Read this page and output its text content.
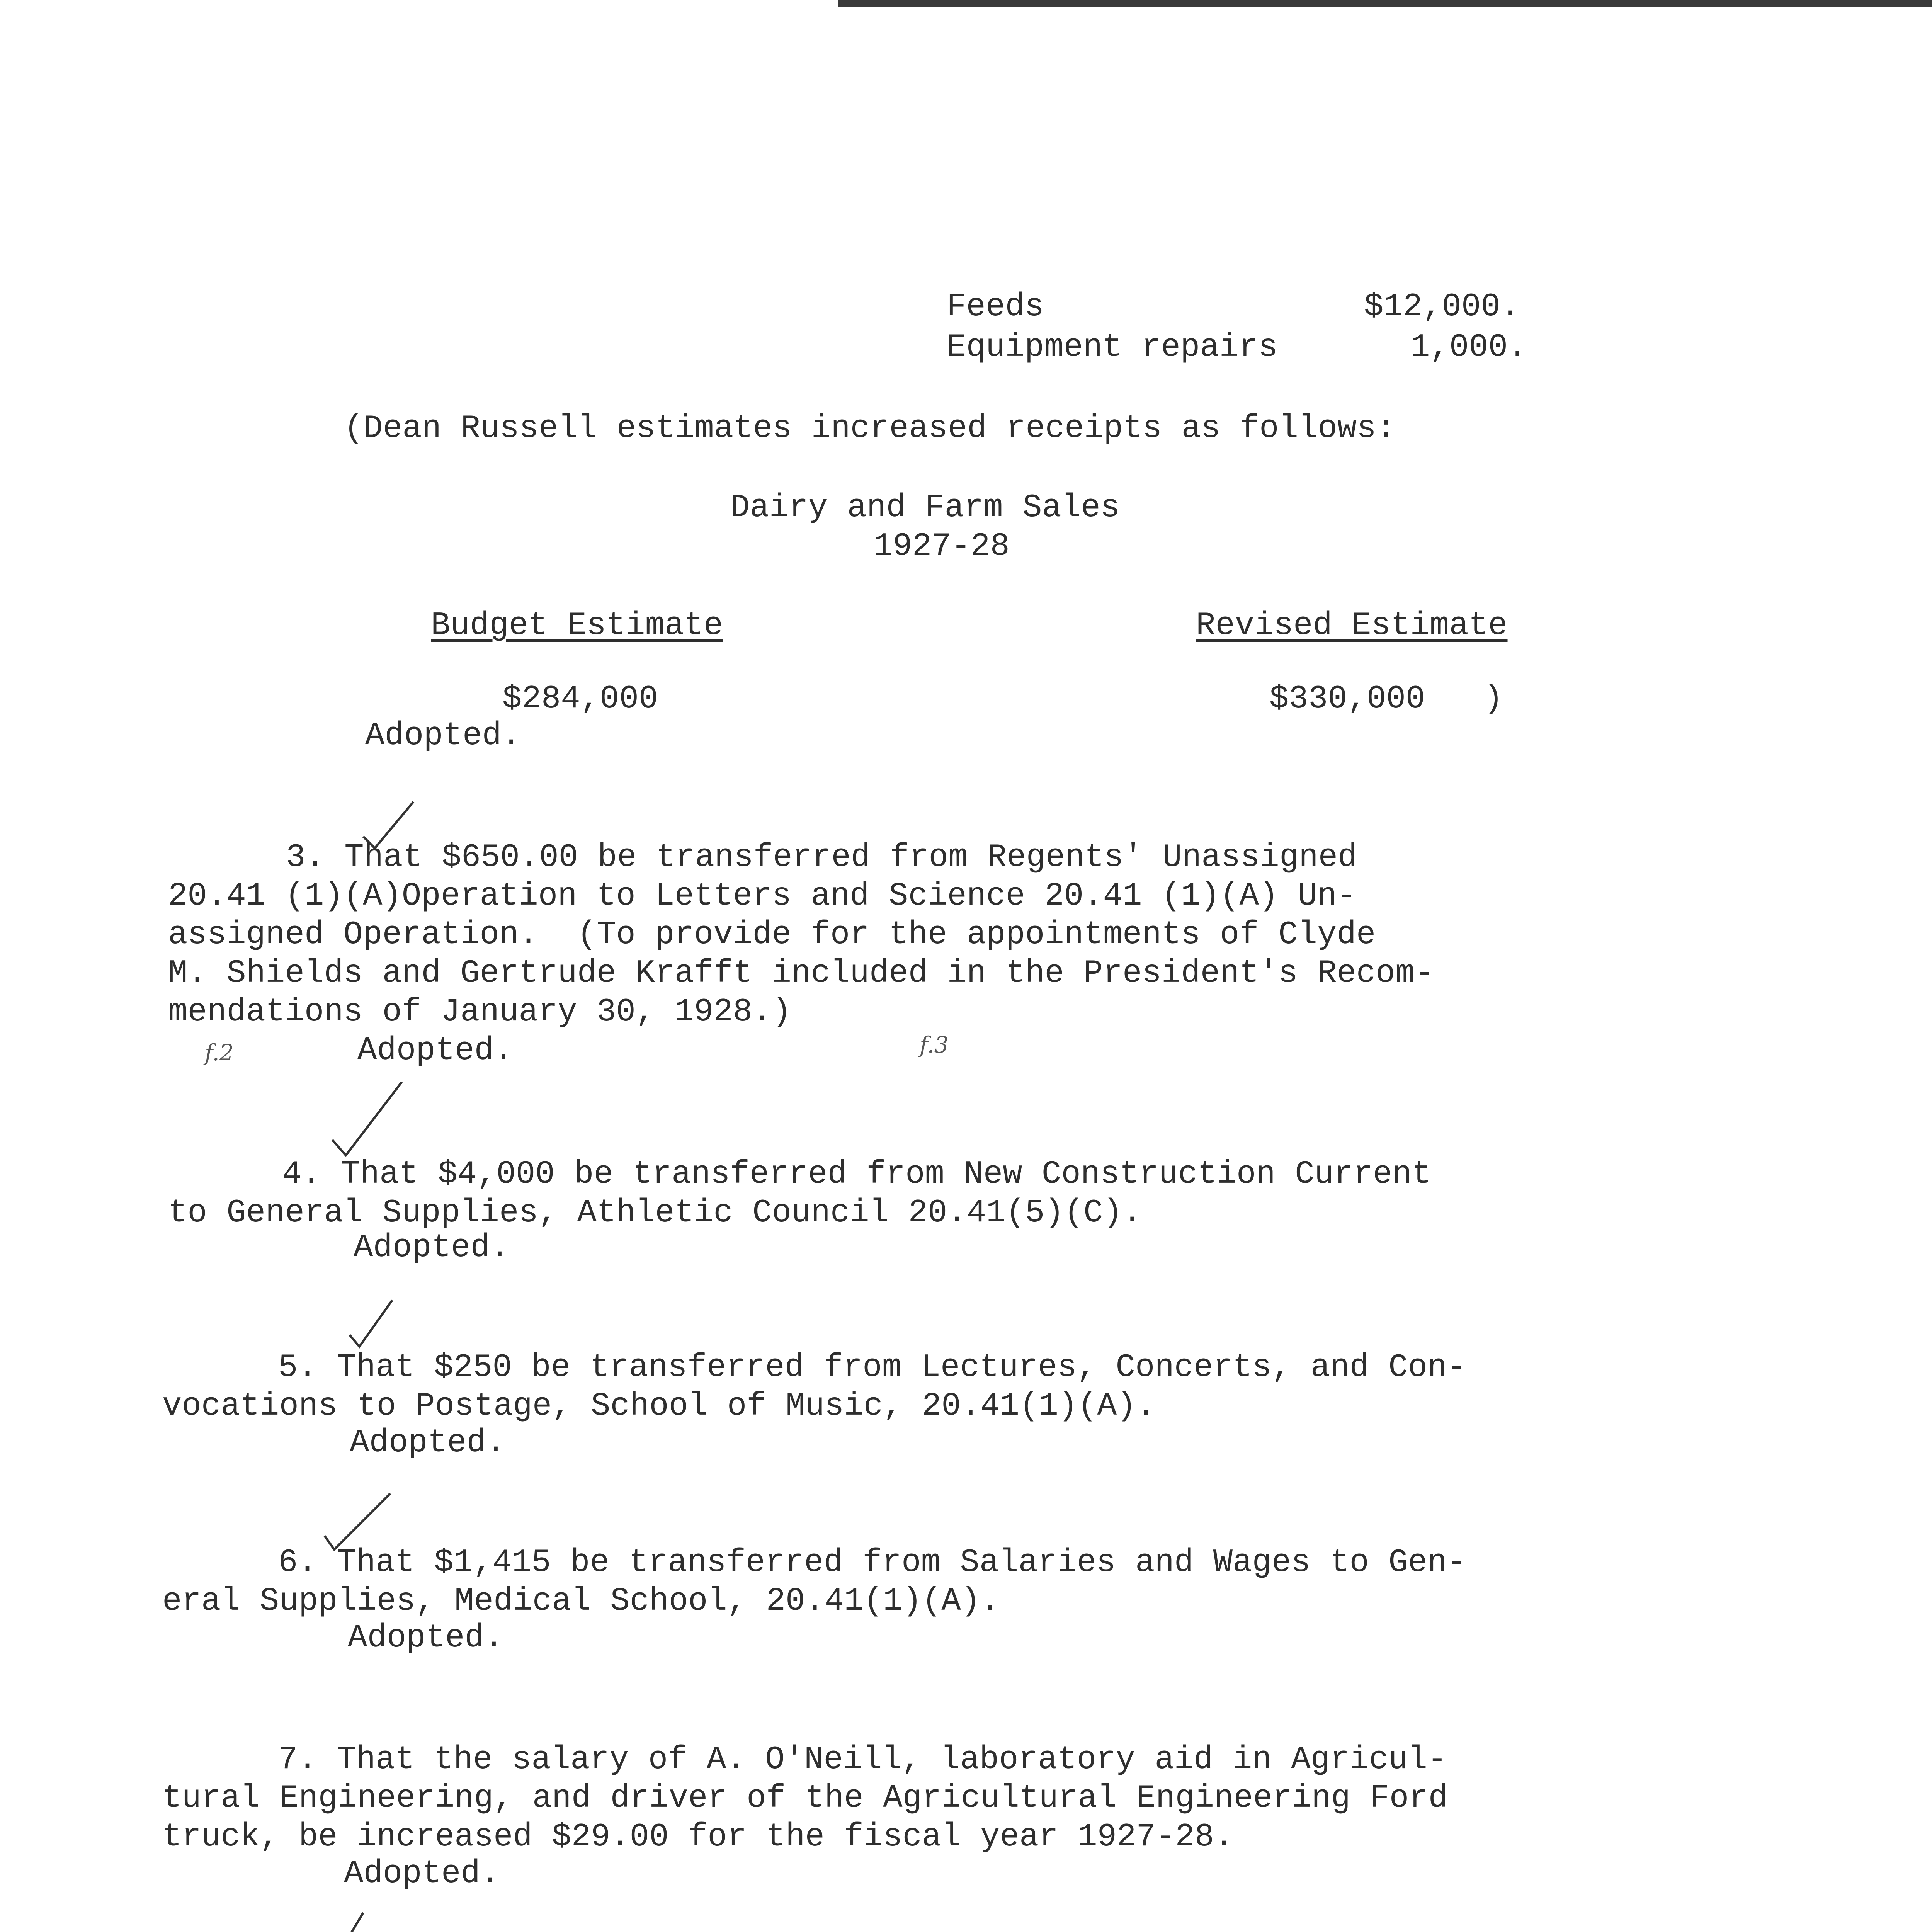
Feeds	$12,000.
Equipment repairs	1,000.
(Dean Russell estimates increased receipts as follows:
Dairy and Farm Sales
1927-28
Budget Estimate	Revised Estimate
$284,000	$330,000   )
Adopted.
3. That $650.00 be transferred from Regents' Unassigned
20.41 (1)(A)Operation to Letters and Science 20.41 (1)(A) Un-
assigned Operation.  (To provide for the appointments of Clyde
M. Shields and Gertrude Krafft included in the President's Recom-
mendations of January 30, 1928.)
Adopted.
f.2	f.3
4. That $4,000 be transferred from New Construction Current
to General Supplies, Athletic Council 20.41(5)(C).
Adopted.
5. That $250 be transferred from Lectures, Concerts, and Con-
vocations to Postage, School of Music, 20.41(1)(A).
Adopted.
6. That $1,415 be transferred from Salaries and Wages to Gen-
eral Supplies, Medical School, 20.41(1)(A).
Adopted.
7. That the salary of A. O'Neill, laboratory aid in Agricul-
tural Engineering, and driver of the Agricultural Engineering Ford
truck, be increased $29.00 for the fiscal year 1927-28.
Adopted.
